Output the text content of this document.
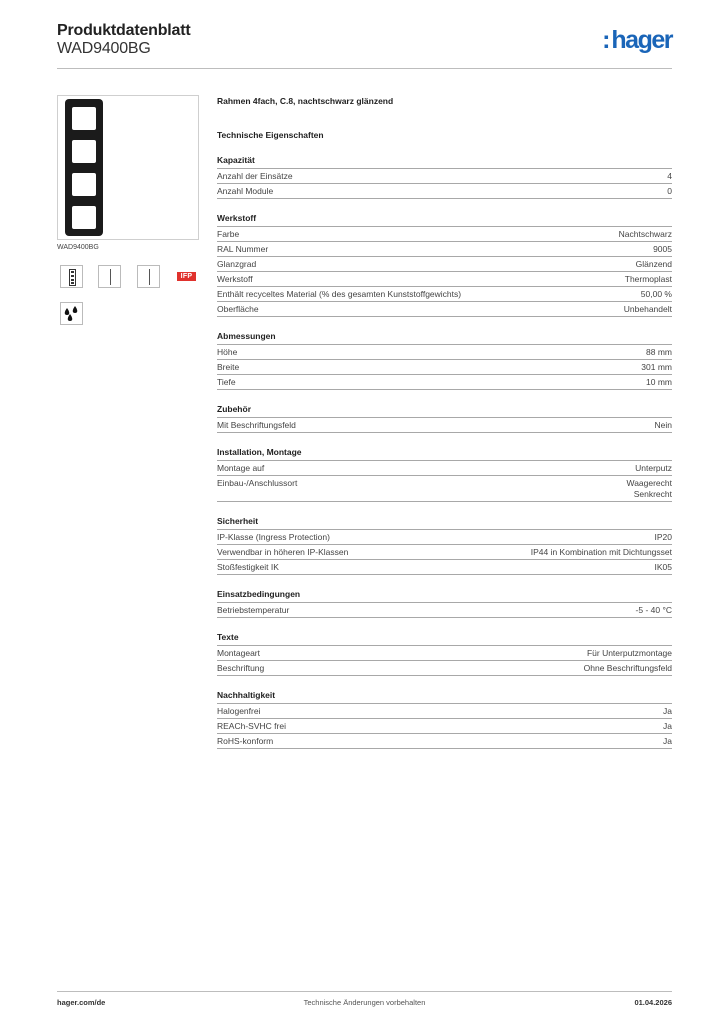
Produktdatenblatt
WAD9400BG	:hager
WAD9400BG
IFP
Rahmen 4fach, C.8, nachtschwarz glänzend
Technische Eigenschaften
Kapazität
Anzahl der Einsätze	4
Anzahl Module	0
Werkstoff
Farbe	Nachtschwarz
RAL Nummer	9005
Glanzgrad	Glänzend
Werkstoff	Thermoplast
Enthält recyceltes Material (% des gesamten Kunststoffgewichts)	50,00 %
Oberfläche	Unbehandelt
Abmessungen
Höhe	88 mm
Breite	301 mm
Tiefe	10 mm
Zubehör
Mit Beschriftungsfeld	Nein
Installation, Montage
Montage auf	Unterputz
Einbau-/Anschlussort	Waagerecht
Senkrecht
Sicherheit
IP-Klasse (Ingress Protection)	IP20
Verwendbar in höheren IP-Klassen	IP44 in Kombination mit Dichtungsset
Stoßfestigkeit IK	IK05
Einsatzbedingungen
Betriebstemperatur	-5 - 40 °C
Texte
Montageart	Für Unterputzmontage
Beschriftung	Ohne Beschriftungsfeld
Nachhaltigkeit
Halogenfrei	Ja
REACh-SVHC frei	Ja
RoHS-konform	Ja
hager.com/de	Technische Änderungen vorbehalten	01.04.2026
